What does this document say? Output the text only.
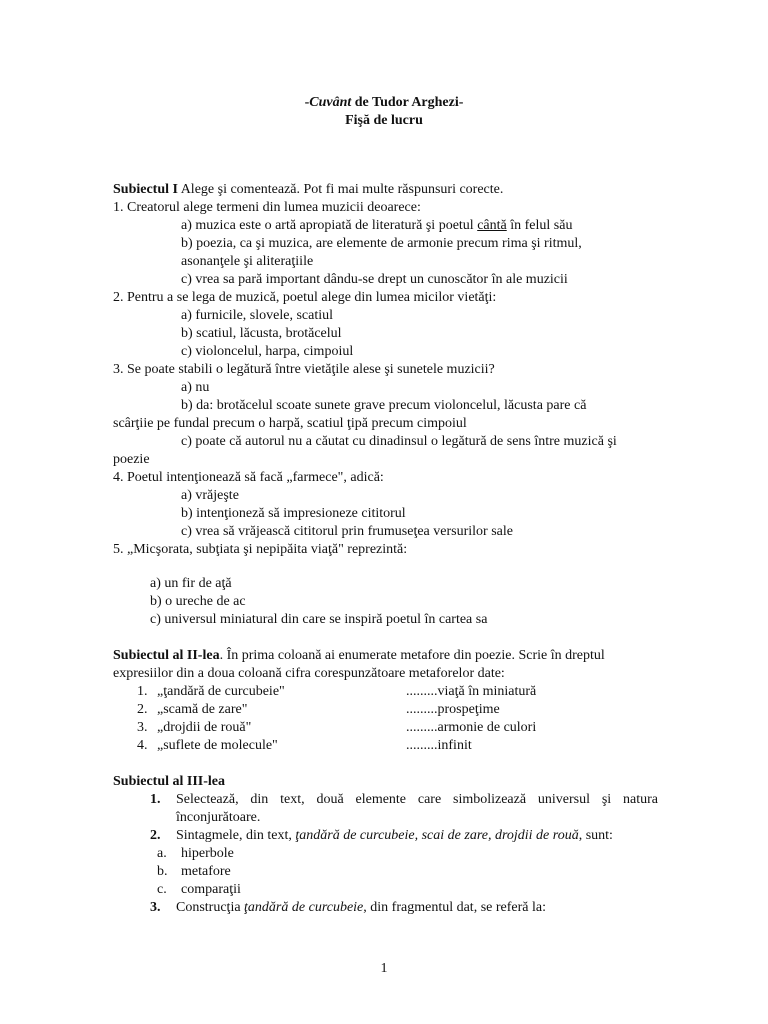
-Cuvânt de Tudor Arghezi-
Fişă de lucru
Subiectul I Alege şi comentează. Pot fi mai multe răspunsuri corecte.
1. Creatorul alege termeni din lumea muzicii deoarece:
a) muzica este o artă apropiată de literatură şi poetul cântă în felul său
b) poezia, ca şi muzica, are elemente de armonie precum rima şi ritmul,
asonanţele şi aliteraţiile
c) vrea sa pară important dându-se drept un cunoscător în ale muzicii
2. Pentru a se lega de muzică, poetul alege din lumea micilor vietăţi:
a) furnicile, slovele, scatiul
b) scatiul, lăcusta, brotăcelul
c) violoncelul, harpa, cimpoiul
3. Se poate stabili o legătură între vietăţile alese şi sunetele muzicii?
a) nu
b) da: brotăcelul scoate sunete grave precum violoncelul, lăcusta pare că
scârţiie pe fundal precum o harpă, scatiul ţipă precum cimpoiul
c) poate că autorul nu a căutat cu dinadinsul o legătură de sens între muzică şi
poezie
4. Poetul intenţionează să facă „farmece", adică:
a) vrăjeşte
b) intenţioneză să impresioneze cititorul
c) vrea să vrăjească cititorul prin frumuseţea versurilor sale
5. „Micşorata, subţiata şi nepipăita viaţă" reprezintă:
a) un fir de aţă
b) o ureche de ac
c) universul miniatural din care se inspiră poetul în cartea sa
Subiectul al II-lea. În prima coloană ai enumerate metafore din poezie. Scrie în dreptul
expresiilor din a doua coloană cifra corespunzătoare metaforelor date:
1. „ţandără de curcubeie"	.........viaţă în miniatură
2. „scamă de zare"	.........prospeţime
3. „drojdii de rouă"	.........armonie de culori
4. „suflete de molecule"	.........infinit
Subiectul al III-lea
1. Selectează, din text, două elemente care simbolizează universul şi natura înconjurătoare.
2. Sintagmele, din text, ţandără de curcubeie, scai de zare, drojdii de rouă, sunt:
a. hiperbole
b. metafore
c. comparaţii
3. Construcţia ţandără de curcubeie, din fragmentul dat, se referă la:
1
